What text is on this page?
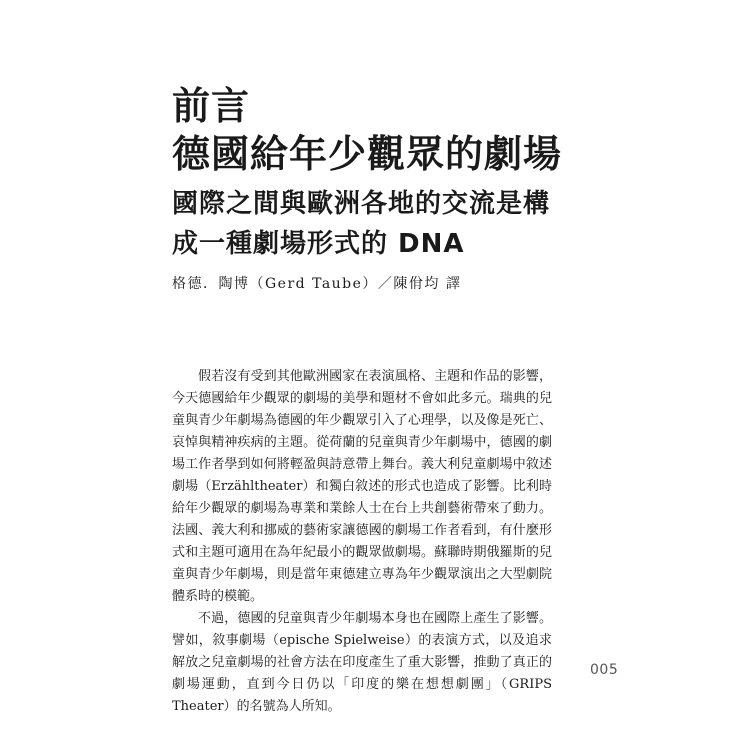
前言
德國給年少觀眾的劇場
國際之間與歐洲各地的交流是構
成一種劇場形式的 DNA
格德．陶博（Gerd Taube）／陳佾均 譯

假若沒有受到其他歐洲國家在表演風格、主題和作品的影響，今天德國給年少觀眾的劇場的美學和題材不會如此多元。瑞典的兒童與青少年劇場為德國的年少觀眾引入了心理學，以及像是死亡、哀悼與精神疾病的主題。從荷蘭的兒童與青少年劇場中，德國的劇場工作者學到如何將輕盈與詩意帶上舞台。義大利兒童劇場中敘述劇場（Erzähltheater）和獨白敘述的形式也造成了影響。比利時給年少觀眾的劇場為專業和業餘人士在台上共創藝術帶來了動力。法國、義大利和挪威的藝術家讓德國的劇場工作者看到，有什麼形式和主題可適用在為年紀最小的觀眾做劇場。蘇聯時期俄羅斯的兒童與青少年劇場，則是當年東德建立專為年少觀眾演出之大型劇院體系時的模範。

不過，德國的兒童與青少年劇場本身也在國際上產生了影響。譬如，敘事劇場（epische Spielweise）的表演方式，以及追求解放之兒童劇場的社會方法在印度產生了重大影響，推動了真正的劇場運動，直到今日仍以「印度的樂在想想劇團」（GRIPS Theater）的名號為人所知。

005
